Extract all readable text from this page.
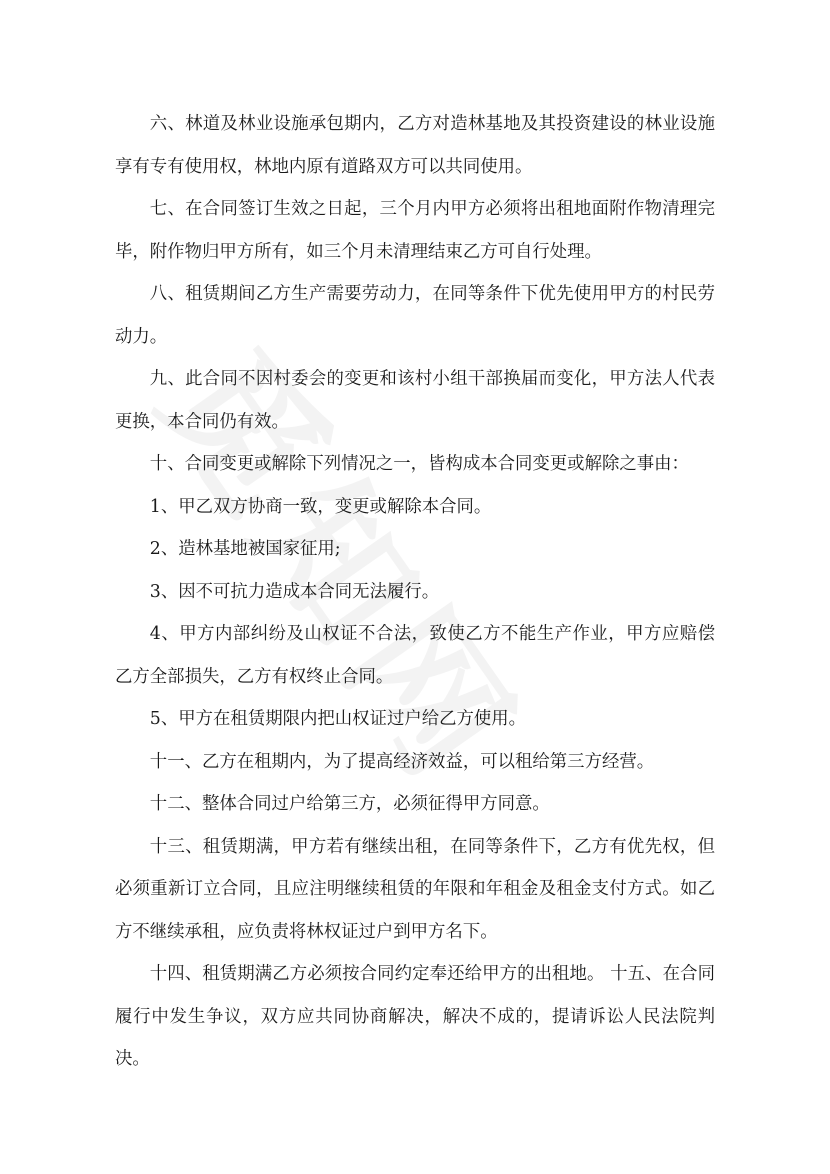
六、林道及林业设施承包期内，乙方对造林基地及其投资建设的林业设施享有专有使用权，林地内原有道路双方可以共同使用。

七、在合同签订生效之日起，三个月内甲方必须将出租地面附作物清理完毕，附作物归甲方所有，如三个月未清理结束乙方可自行处理。

八、租赁期间乙方生产需要劳动力，在同等条件下优先使用甲方的村民劳动力。

九、此合同不因村委会的变更和该村小组干部换届而变化，甲方法人代表更换，本合同仍有效。

十、合同变更或解除下列情况之一，皆构成本合同变更或解除之事由：

1、甲乙双方协商一致，变更或解除本合同。

2、造林基地被国家征用;

3、因不可抗力造成本合同无法履行。

4、甲方内部纠纷及山权证不合法，致使乙方不能生产作业，甲方应赔偿乙方全部损失，乙方有权终止合同。

5、甲方在租赁期限内把山权证过户给乙方使用。

十一、乙方在租期内，为了提高经济效益，可以租给第三方经营。

十二、整体合同过户给第三方，必须征得甲方同意。

十三、租赁期满，甲方若有继续出租，在同等条件下，乙方有优先权，但必须重新订立合同，且应注明继续租赁的年限和年租金及租金支付方式。如乙方不继续承租，应负责将林权证过户到甲方名下。

十四、租赁期满乙方必须按合同约定奉还给甲方的出租地。 十五、在合同履行中发生争议，双方应共同协商解决，解决不成的，提请诉讼人民法院判决。
